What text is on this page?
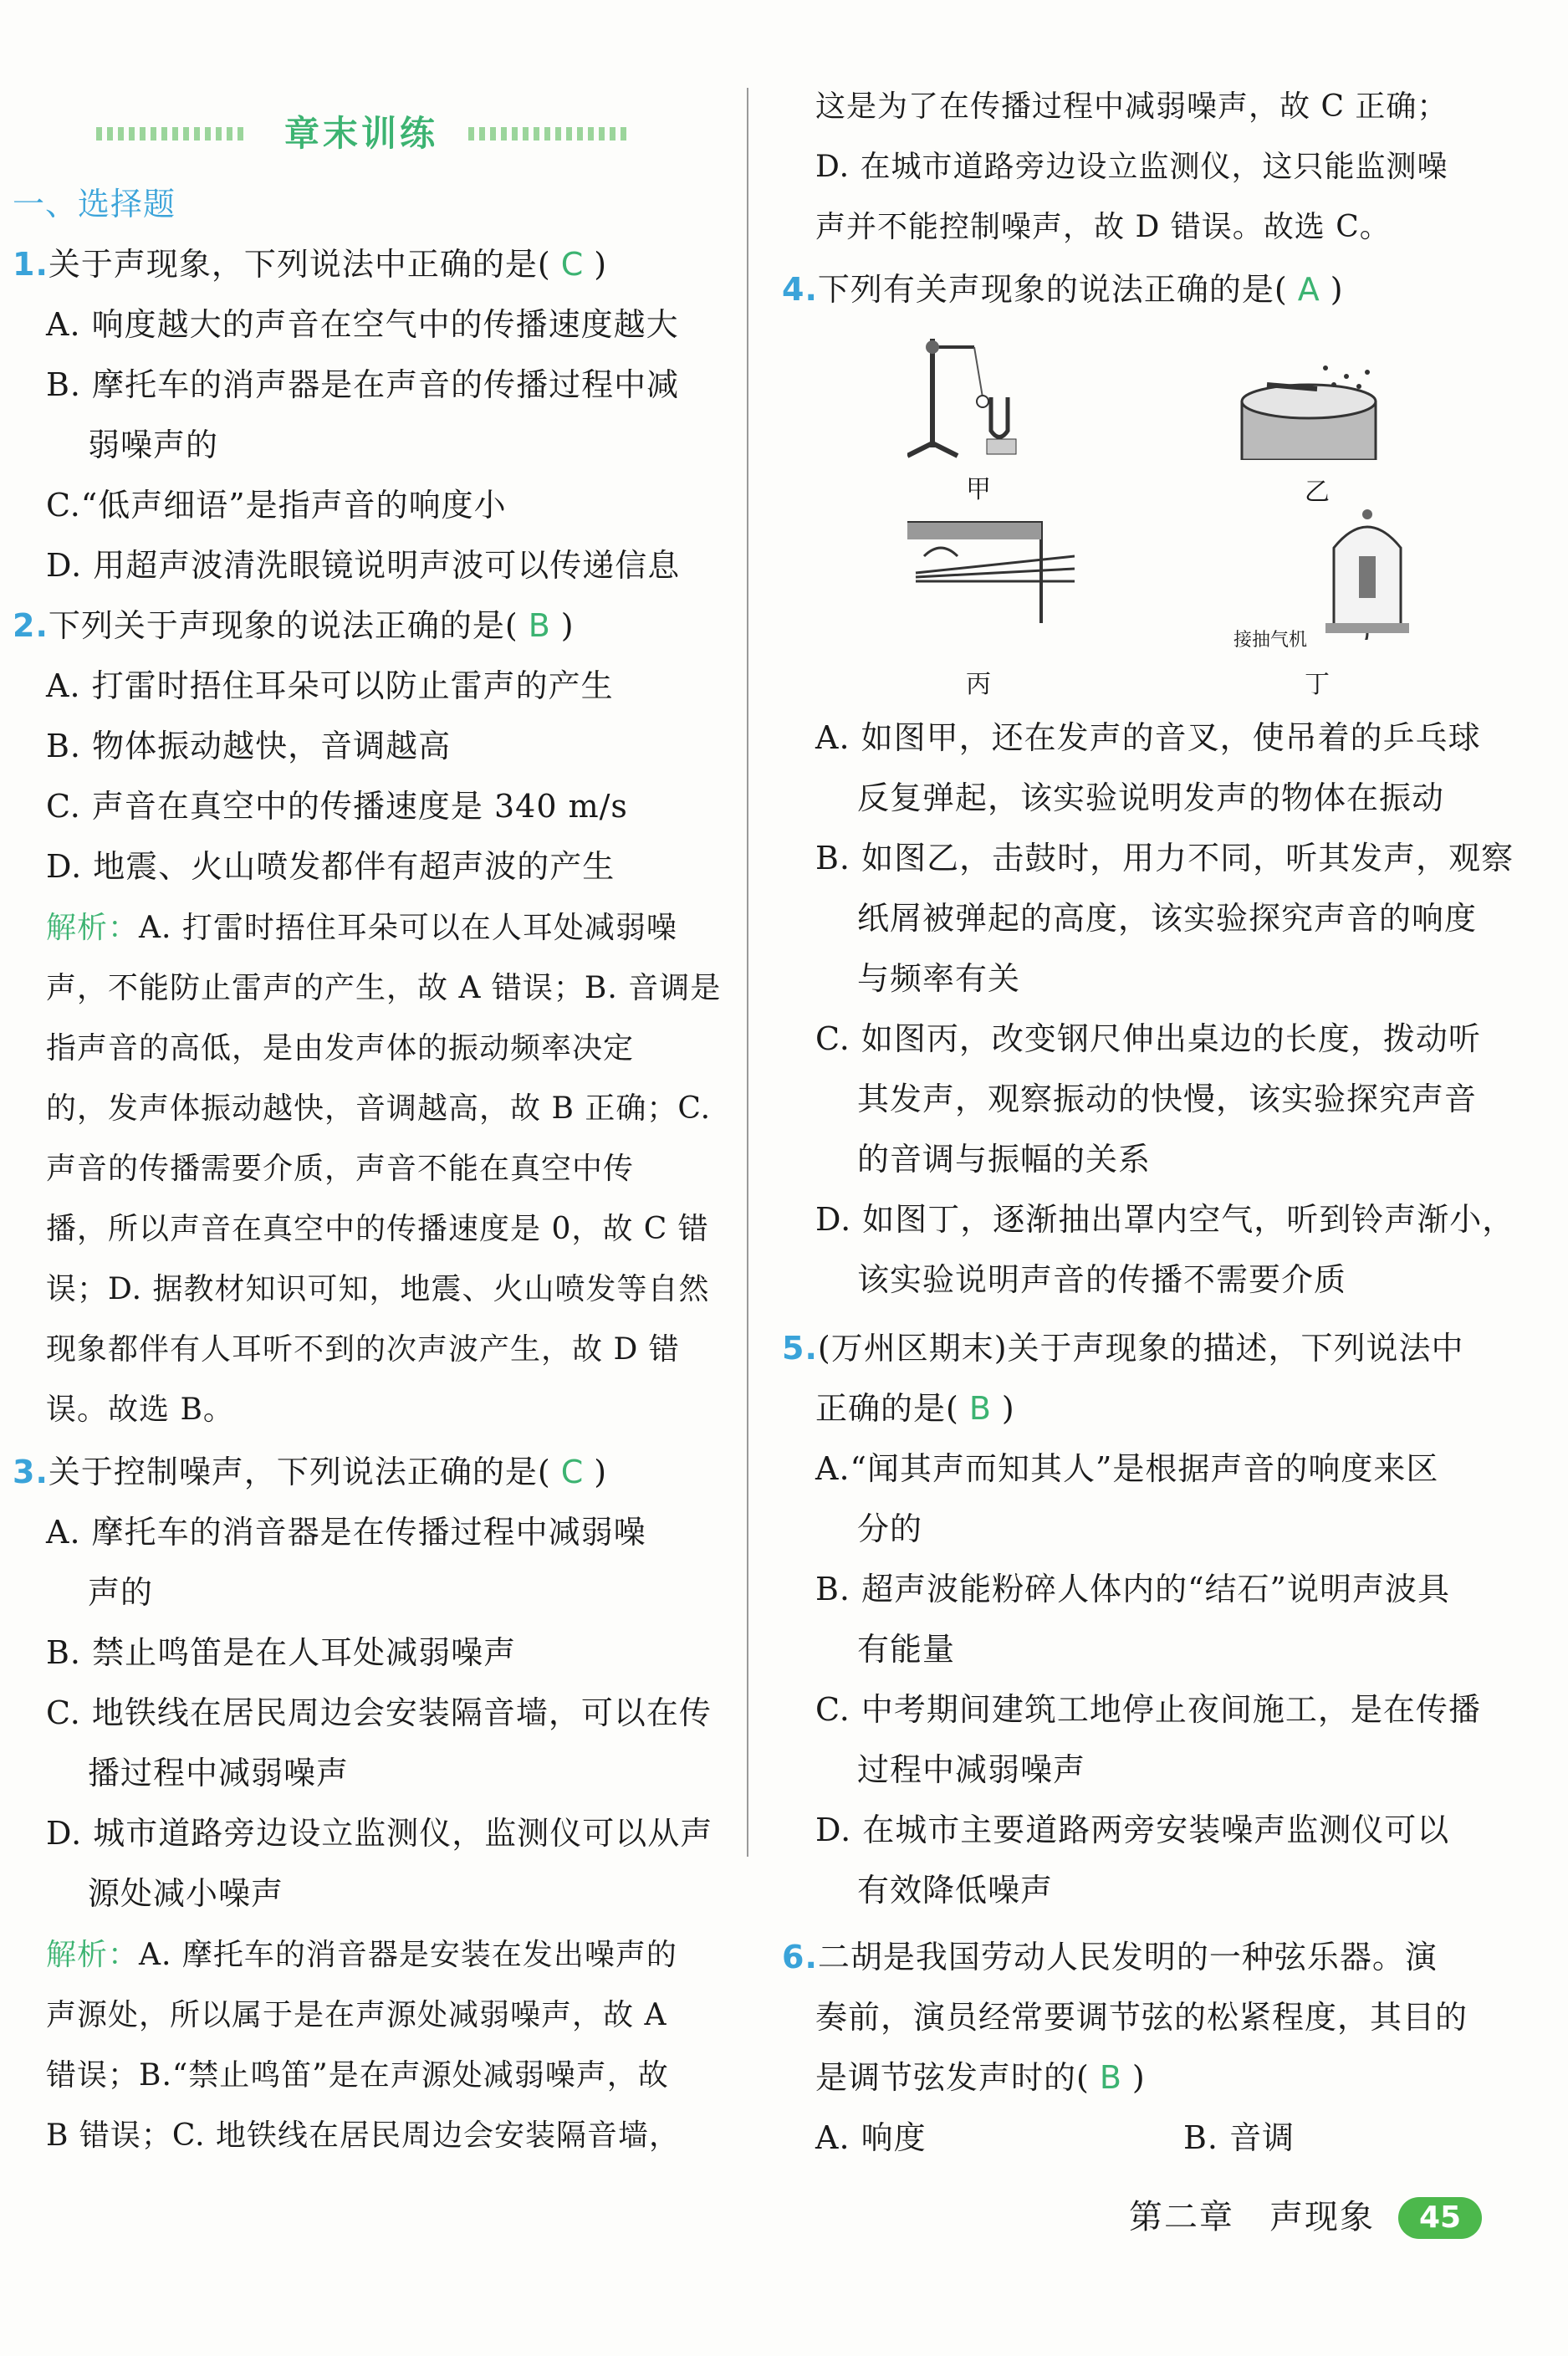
章末训练
一、选择题
1.关于声现象，下列说法中正确的是( C )
A. 响度越大的声音在空气中的传播速度越大
B. 摩托车的消声器是在声音的传播过程中减
弱噪声的
C.“低声细语”是指声音的响度小
D. 用超声波清洗眼镜说明声波可以传递信息
2.下列关于声现象的说法正确的是( B )
A. 打雷时捂住耳朵可以防止雷声的产生
B. 物体振动越快，音调越高
C. 声音在真空中的传播速度是 340 m/s
D. 地震、火山喷发都伴有超声波的产生
解析：A. 打雷时捂住耳朵可以在人耳处减弱噪
声，不能防止雷声的产生，故 A 错误；B. 音调是
指声音的高低，是由发声体的振动频率决定
的，发声体振动越快，音调越高，故 B 正确；C.
声音的传播需要介质，声音不能在真空中传
播，所以声音在真空中的传播速度是 0，故 C 错
误；D. 据教材知识可知，地震、火山喷发等自然
现象都伴有人耳听不到的次声波产生，故 D 错
误。故选 B。
3.关于控制噪声，下列说法正确的是( C )
A. 摩托车的消音器是在传播过程中减弱噪
声的
B. 禁止鸣笛是在人耳处减弱噪声
C. 地铁线在居民周边会安装隔音墙，可以在传
播过程中减弱噪声
D. 城市道路旁边设立监测仪，监测仪可以从声
源处减小噪声
解析：A. 摩托车的消音器是安装在发出噪声的
声源处，所以属于是在声源处减弱噪声，故 A
错误；B.“禁止鸣笛”是在声源处减弱噪声，故
B 错误；C. 地铁线在居民周边会安装隔音墙，
这是为了在传播过程中减弱噪声，故 C 正确；
D. 在城市道路旁边设立监测仪，这只能监测噪
声并不能控制噪声，故 D 错误。故选 C。
4.下列有关声现象的说法正确的是( A )
甲	乙
丙
接抽气机
丁
A. 如图甲，还在发声的音叉，使吊着的乒乓球
反复弹起，该实验说明发声的物体在振动
B. 如图乙，击鼓时，用力不同，听其发声，观察
纸屑被弹起的高度，该实验探究声音的响度
与频率有关
C. 如图丙，改变钢尺伸出桌边的长度，拨动听
其发声，观察振动的快慢，该实验探究声音
的音调与振幅的关系
D. 如图丁，逐渐抽出罩内空气，听到铃声渐小，
该实验说明声音的传播不需要介质
5.(万州区期末)关于声现象的描述，下列说法中
正确的是( B )
A.“闻其声而知其人”是根据声音的响度来区
分的
B. 超声波能粉碎人体内的“结石”说明声波具
有能量
C. 中考期间建筑工地停止夜间施工，是在传播
过程中减弱噪声
D. 在城市主要道路两旁安装噪声监测仪可以
有效降低噪声
6.二胡是我国劳动人民发明的一种弦乐器。演
奏前，演员经常要调节弦的松紧程度，其目的
是调节弦发声时的( B )
A. 响度	B. 音调
第二章　声现象	45
